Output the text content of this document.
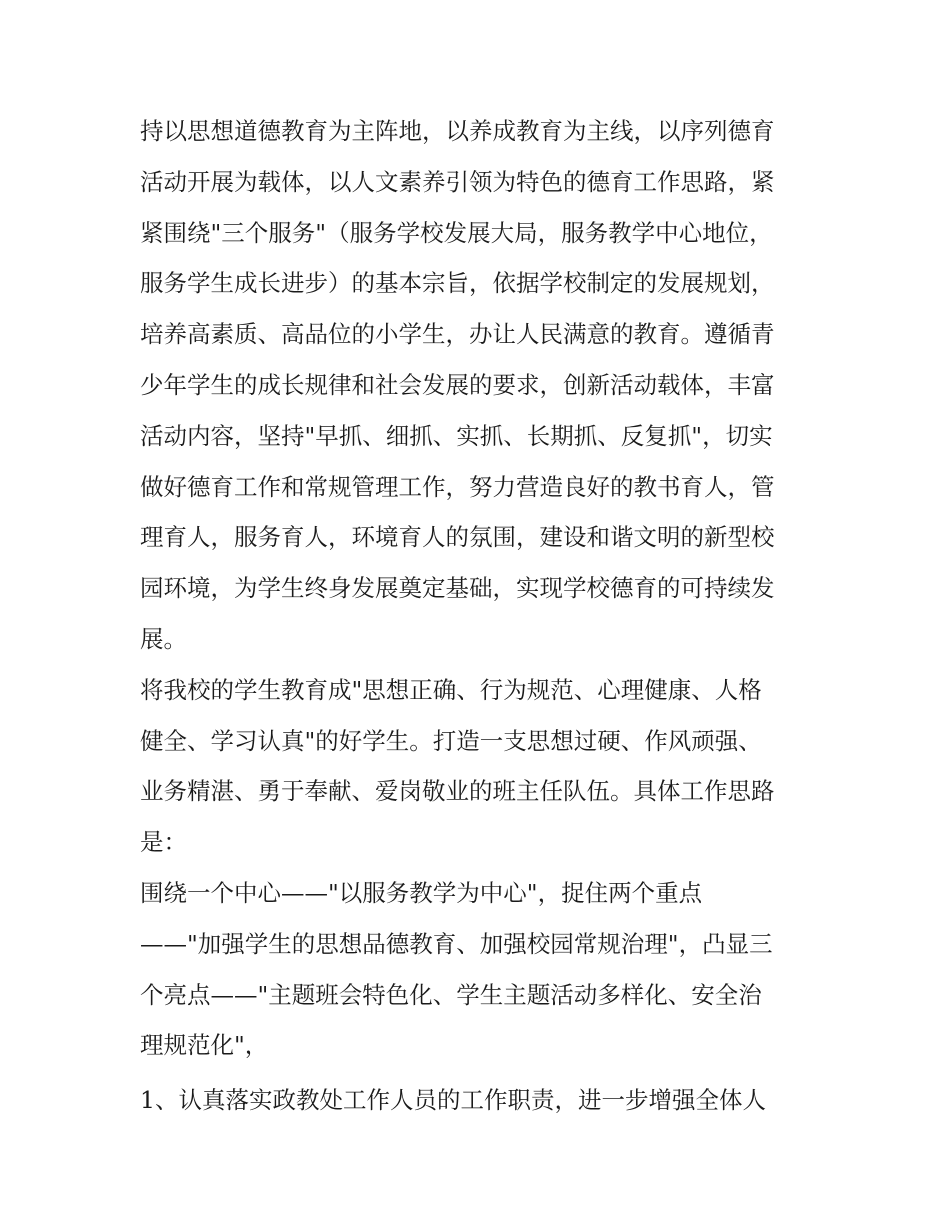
持以思想道德教育为主阵地，以养成教育为主线，以序列德育
活动开展为载体，以人文素养引领为特色的德育工作思路，紧
紧围绕"三个服务"（服务学校发展大局，服务教学中心地位，
服务学生成长进步）的基本宗旨，依据学校制定的发展规划，
培养高素质、高品位的小学生，办让人民满意的教育。遵循青
少年学生的成长规律和社会发展的要求，创新活动载体，丰富
活动内容，坚持"早抓、细抓、实抓、长期抓、反复抓"，切实
做好德育工作和常规管理工作，努力营造良好的教书育人，管
理育人，服务育人，环境育人的氛围，建设和谐文明的新型校
园环境，为学生终身发展奠定基础，实现学校德育的可持续发
展。
将我校的学生教育成"思想正确、行为规范、心理健康、人格
健全、学习认真"的好学生。打造一支思想过硬、作风顽强、
业务精湛、勇于奉献、爱岗敬业的班主任队伍。具体工作思路
是：
围绕一个中心——"以服务教学为中心"，捉住两个重点
——"加强学生的思想品德教育、加强校园常规治理"，凸显三
个亮点——"主题班会特色化、学生主题活动多样化、安全治
理规范化"，
1、认真落实政教处工作人员的工作职责，进一步增强全体人
